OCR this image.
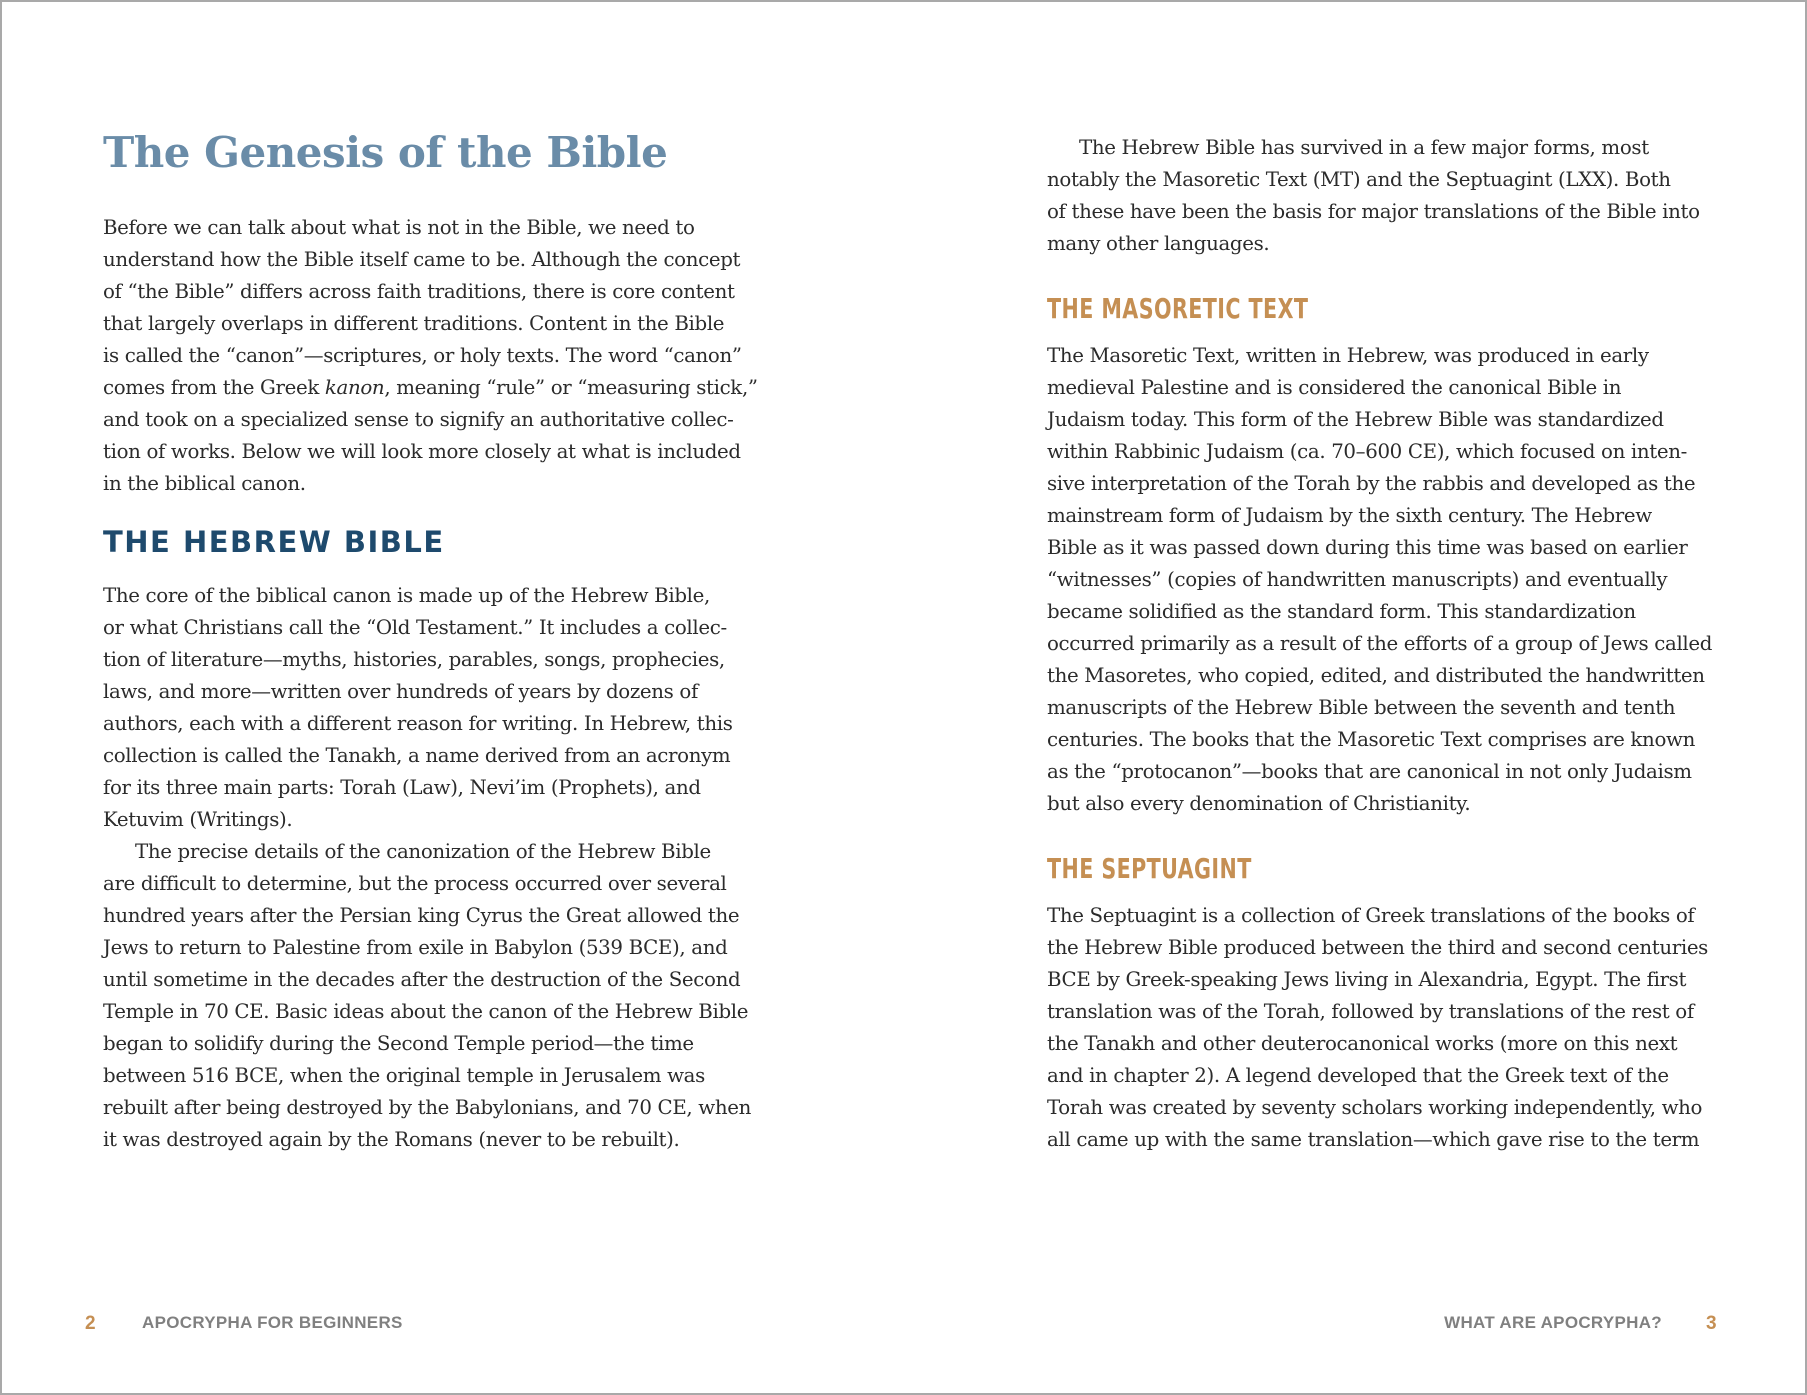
The Genesis of the Bible
Before we can talk about what is not in the Bible, we need to
understand how the Bible itself came to be. Although the concept
of “the Bible” differs across faith traditions, there is core content
that largely overlaps in different traditions. Content in the Bible
is called the “canon”—scriptures, or holy texts. The word “canon”
comes from the Greek kanon, meaning “rule” or “measuring stick,”
and took on a specialized sense to signify an authoritative collec-
tion of works. Below we will look more closely at what is included
in the biblical canon.
THE HEBREW BIBLE
The core of the biblical canon is made up of the Hebrew Bible,
or what Christians call the “Old Testament.” It includes a collec-
tion of literature—myths, histories, parables, songs, prophecies,
laws, and more—written over hundreds of years by dozens of
authors, each with a different reason for writing. In Hebrew, this
collection is called the Tanakh, a name derived from an acronym
for its three main parts: Torah (Law), Nevi’im (Prophets), and
Ketuvim (Writings).
The precise details of the canonization of the Hebrew Bible
are difficult to determine, but the process occurred over several
hundred years after the Persian king Cyrus the Great allowed the
Jews to return to Palestine from exile in Babylon (539 BCE), and
until sometime in the decades after the destruction of the Second
Temple in 70 CE. Basic ideas about the canon of the Hebrew Bible
began to solidify during the Second Temple period—the time
between 516 BCE, when the original temple in Jerusalem was
rebuilt after being destroyed by the Babylonians, and 70 CE, when
it was destroyed again by the Romans (never to be rebuilt).
2	APOCRYPHA FOR BEGINNERS
The Hebrew Bible has survived in a few major forms, most
notably the Masoretic Text (MT) and the Septuagint (LXX). Both
of these have been the basis for major translations of the Bible into
many other languages.
THE MASORETIC TEXT
The Masoretic Text, written in Hebrew, was produced in early
medieval Palestine and is considered the canonical Bible in
Judaism today. This form of the Hebrew Bible was standardized
within Rabbinic Judaism (ca. 70–600 CE), which focused on inten-
sive interpretation of the Torah by the rabbis and developed as the
mainstream form of Judaism by the sixth century. The Hebrew
Bible as it was passed down during this time was based on earlier
“witnesses” (copies of handwritten manuscripts) and eventually
became solidified as the standard form. This standardization
occurred primarily as a result of the efforts of a group of Jews called
the Masoretes, who copied, edited, and distributed the handwritten
manuscripts of the Hebrew Bible between the seventh and tenth
centuries. The books that the Masoretic Text comprises are known
as the “protocanon”—books that are canonical in not only Judaism
but also every denomination of Christianity.
THE SEPTUAGINT
The Septuagint is a collection of Greek translations of the books of
the Hebrew Bible produced between the third and second centuries
BCE by Greek-speaking Jews living in Alexandria, Egypt. The first
translation was of the Torah, followed by translations of the rest of
the Tanakh and other deuterocanonical works (more on this next
and in chapter 2). A legend developed that the Greek text of the
Torah was created by seventy scholars working independently, who
all came up with the same translation—which gave rise to the term
WHAT ARE APOCRYPHA? 3
